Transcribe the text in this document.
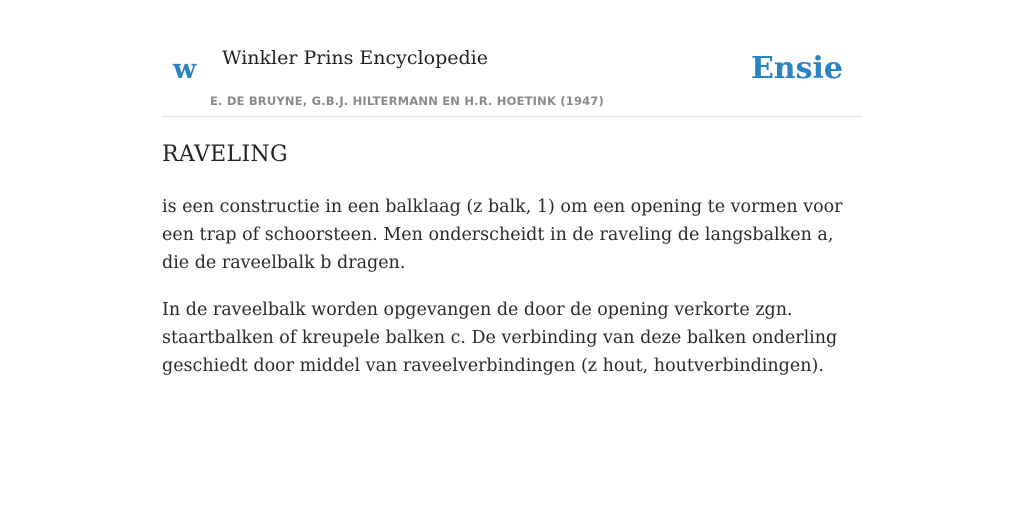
w Winkler Prins Encyclopedie
E. DE BRUYNE, G.B.J. HILTERMANN EN H.R. HOETINK (1947)
Ensie
RAVELING

is een constructie in een balklaag (z balk, 1) om een opening te vormen voor een trap of schoorsteen. Men onderscheidt in de raveling de langsbalken a, die de raveelbalk b dragen.

In de raveelbalk worden opgevangen de door de opening verkorte zgn. staartbalken of kreupele balken c. De verbinding van deze balken onderling geschiedt door middel van raveelverbindingen (z hout, houtverbindingen).
